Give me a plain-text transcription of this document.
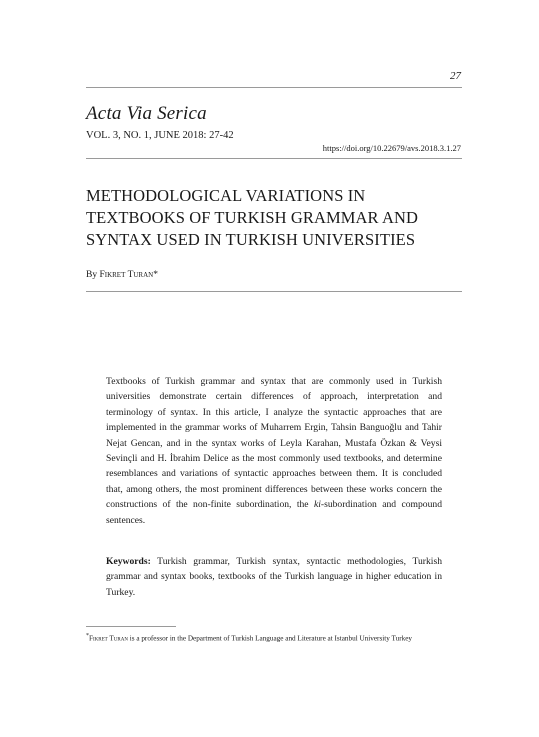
27
Acta Via Serica
VOL. 3, NO. 1, JUNE 2018: 27-42
https://doi.org/10.22679/avs.2018.3.1.27
METHODOLOGICAL VARIATIONS IN
TEXTBOOKS OF TURKISH GRAMMAR AND
SYNTAX USED IN TURKISH UNIVERSITIES
By Fikret Turan*
Textbooks of Turkish grammar and syntax that are commonly used in Turkish universities demonstrate certain differences of approach, interpretation and terminology of syntax. In this article, I analyze the syntactic approaches that are implemented in the grammar works of Muharrem Ergin, Tahsin Banguoğlu and Tahir Nejat Gencan, and in the syntax works of Leyla Karahan, Mustafa Özkan & Veysi Sevinçli and H. İbrahim Delice as the most commonly used textbooks, and determine resemblances and variations of syntactic approaches between them. It is concluded that, among others, the most prominent differences between these works concern the constructions of the non-finite subordination, the ki-subordination and compound sentences.
Keywords: Turkish grammar, Turkish syntax, syntactic methodologies, Turkish grammar and syntax books, textbooks of the Turkish language in higher education in Turkey.
*Fikret Turan is a professor in the Department of Turkish Language and Literature at Istanbul University Turkey
